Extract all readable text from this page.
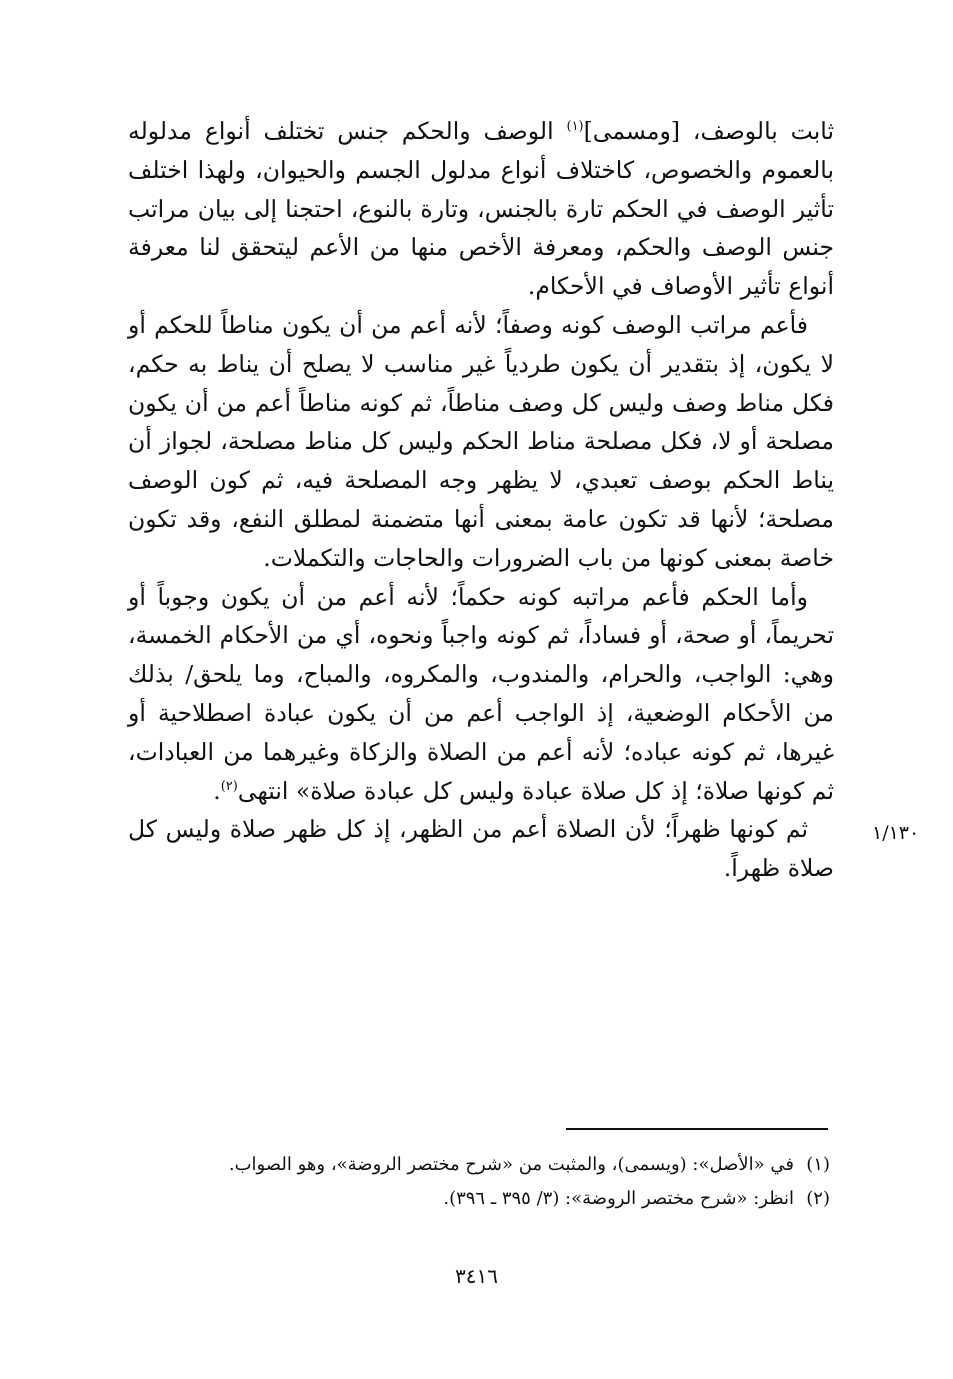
ثابت بالوصف، [ومسمى]$^{(١)}$ الوصف والحكم جنس تختلف أنواع مدلوله بالعموم والخصوص، كاختلاف أنواع مدلول الجسم والحيوان، ولهذا اختلف تأثير الوصف في الحكم تارة بالجنس، وتارة بالنوع، احتجنا إلى بيان مراتب جنس الوصف والحكم، ومعرفة الأخص منها من الأعم ليتحقق لنا معرفة أنواع تأثير الأوصاف في الأحكام.

فأعم مراتب الوصف كونه وصفاً؛ لأنه أعم من أن يكون مناطاً للحكم أو لا يكون، إذ بتقدير أن يكون طردياً غير مناسب لا يصلح أن يناط به حكم، فكل مناط وصف وليس كل وصف مناطاً، ثم كونه مناطاً أعم من أن يكون مصلحة أو لا، فكل مصلحة مناط الحكم وليس كل مناط مصلحة، لجواز أن يناط الحكم بوصف تعبدي، لا يظهر وجه المصلحة فيه، ثم كون الوصف مصلحة؛ لأنها قد تكون عامة بمعنى أنها متضمنة لمطلق النفع، وقد تكون خاصة بمعنى كونها من باب الضرورات والحاجات والتكملات.

وأما الحكم فأعم مراتبه كونه حكماً؛ لأنه أعم من أن يكون وجوباً أو تحريماً، أو صحة، أو فساداً، ثم كونه واجباً ونحوه، أي من الأحكام الخمسة، وهي: الواجب، والحرام، والمندوب، والمكروه، والمباح، وما يلحق/ بذلك من الأحكام الوضعية، إذ الواجب أعم من أن يكون عبادة اصطلاحية أو غيرها، ثم كونه عباده؛ لأنه أعم من الصلاة والزكاة وغيرهما من العبادات، ثم كونها صلاة؛ إذ كل صلاة عبادة وليس كل عبادة صلاة» انتهى$^{(٢)}$.

ثم كونها ظهراً؛ لأن الصلاة أعم من الظهر، إذ كل ظهر صلاة وليس كل صلاة ظهراً.

١/١٣٠
(١)في «الأصل»: (ويسمى)، والمثبت من «شرح مختصر الروضة»، وهو الصواب.
(٢)انظر: «شرح مختصر الروضة»: (٣/ ٣٩٥ ـ ٣٩٦).
٣٤١٦
